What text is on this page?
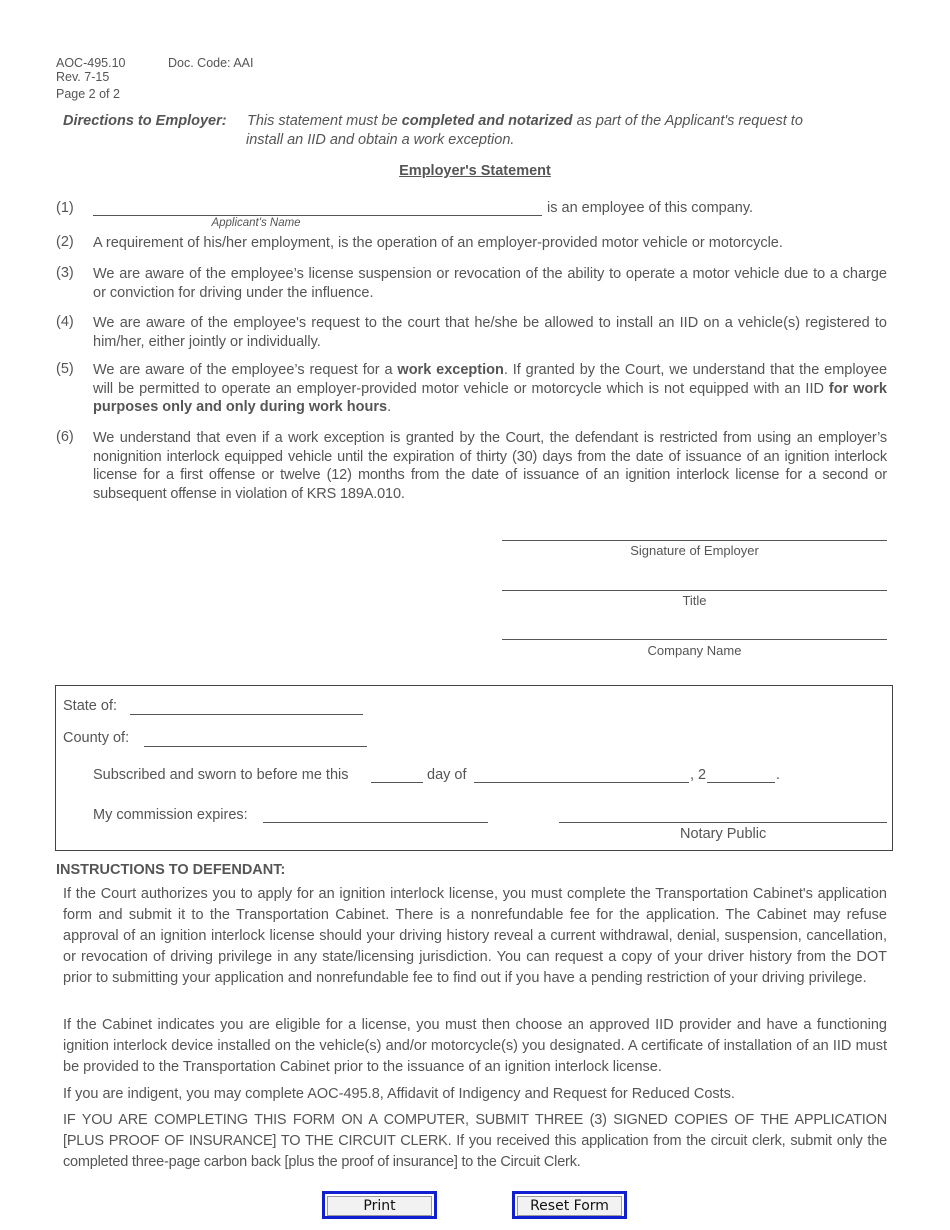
AOC-495.10	Doc. Code: AAI
Rev. 7-15
Page 2 of 2
Directions to Employer: This statement must be completed and notarized as part of the Applicant's request to
install an IID and obtain a work exception.
Employer's Statement
(1)	is an employee of this company.
Applicant's Name
(2) A requirement of his/her employment, is the operation of an employer-provided motor vehicle or motorcycle.
(3) We are aware of the employee’s license suspension or revocation of the ability to operate a motor vehicle due to a charge or conviction for driving under the influence.
(4) We are aware of the employee's request to the court that he/she be allowed to install an IID on a vehicle(s) registered to him/her, either jointly or individually.
(5) We are aware of the employee’s request for a work exception. If granted by the Court, we understand that the employee will be permitted to operate an employer-provided motor vehicle or motorcycle which is not equipped with an IID for work purposes only and only during work hours.
(6) We understand that even if a work exception is granted by the Court, the defendant is restricted from using an employer’s nonignition interlock equipped vehicle until the expiration of thirty (30) days from the date of issuance of an ignition interlock license for a first offense or twelve (12) months from the date of issuance of an ignition interlock license for a second or subsequent offense in violation of KRS 189A.010.
Signature of Employer
Title
Company Name
State of:
County of:
Subscribed and sworn to before me this	day of	, 2	.
My commission expires:
Notary Public
INSTRUCTIONS TO DEFENDANT:
If the Court authorizes you to apply for an ignition interlock license, you must complete the Transportation Cabinet's application form and submit it to the Transportation Cabinet. There is a nonrefundable fee for the application. The Cabinet may refuse approval of an ignition interlock license should your driving history reveal a current withdrawal, denial, suspension, cancellation, or revocation of driving privilege in any state/licensing jurisdiction. You can request a copy of your driver history from the DOT prior to submitting your application and nonrefundable fee to find out if you have a pending restriction of your driving privilege.
If the Cabinet indicates you are eligible for a license, you must then choose an approved IID provider and have a functioning ignition interlock device installed on the vehicle(s) and/or motorcycle(s) you designated. A certificate of installation of an IID must be provided to the Transportation Cabinet prior to the issuance of an ignition interlock license.
If you are indigent, you may complete AOC-495.8, Affidavit of Indigency and Request for Reduced Costs.
IF YOU ARE COMPLETING THIS FORM ON A COMPUTER, SUBMIT THREE (3) SIGNED COPIES OF THE APPLICATION [PLUS PROOF OF INSURANCE] TO THE CIRCUIT CLERK. If you received this application from the circuit clerk, submit only the completed three-page carbon back [plus the proof of insurance] to the Circuit Clerk.
Print	Reset Form
